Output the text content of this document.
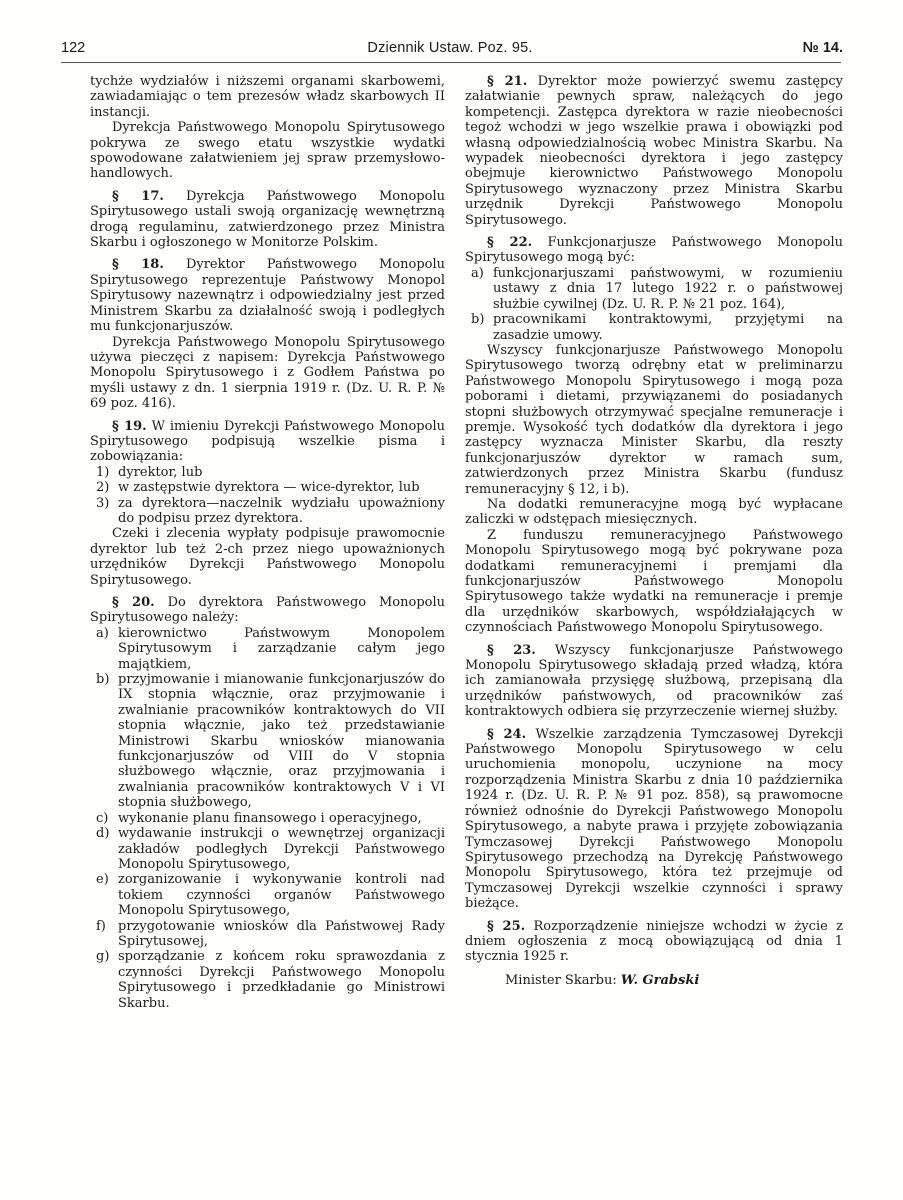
122	Dziennik Ustaw. Poz. 95.	№ 14.

tychże wydziałów i niższemi organami skarbowemi, zawiadamiając o tem prezesów władz skarbowych II instancji.

Dyrekcja Państwowego Monopolu Spirytusowego pokrywa ze swego etatu wszystkie wydatki spowodowane załatwieniem jej spraw przemysłowo-handlowych.

§ 17. Dyrekcja Państwowego Monopolu Spirytusowego ustali swoją organizację wewnętrzną drogą regulaminu, zatwierdzonego przez Ministra Skarbu i ogłoszonego w Monitorze Polskim.

§ 18. Dyrektor Państwowego Monopolu Spirytusowego reprezentuje Państwowy Monopol Spirytusowy nazewnątrz i odpowiedzialny jest przed Ministrem Skarbu za działalność swoją i podległych mu funkcjonarjuszów.

Dyrekcja Państwowego Monopolu Spirytusowego używa pieczęci z napisem: Dyrekcja Państwowego Monopolu Spirytusowego i z Godłem Państwa po myśli ustawy z dn. 1 sierpnia 1919 r. (Dz. U. R. P. № 69 poz. 416).

§ 19. W imieniu Dyrekcji Państwowego Monopolu Spirytusowego podpisują wszelkie pisma i zobowiązania:

1) dyrektor, lub
2) w zastępstwie dyrektora — wice-dyrektor, lub
3) za dyrektora—naczelnik wydziału upoważniony do podpisu przez dyrektora.

Czeki i zlecenia wypłaty podpisuje prawomocnie dyrektor lub też 2-ch przez niego upoważnionych urzędników Dyrekcji Państwowego Monopolu Spirytusowego.

§ 20. Do dyrektora Państwowego Monopolu Spirytusowego należy:

a) kierownictwo Państwowym Monopolem Spirytusowym i zarządzanie całym jego majątkiem,
b) przyjmowanie i mianowanie funkcjonarjuszów do IX stopnia włącznie, oraz przyjmowanie i zwalnianie pracowników kontraktowych do VII stopnia włącznie, jako też przedstawianie Ministrowi Skarbu wniosków mianowania funkcjonarjuszów od VIII do V stopnia służbowego włącznie, oraz przyjmowania i zwalniania pracowników kontraktowych V i VI stopnia służbowego,
c) wykonanie planu finansowego i operacyjnego,
d) wydawanie instrukcji o wewnętrzej organizacji zakładów podległych Dyrekcji Państwowego Monopolu Spirytusowego,
e) zorganizowanie i wykonywanie kontroli nad tokiem czynności organów Państwowego Monopolu Spirytusowego,
f) przygotowanie wniosków dla Państwowej Rady Spirytusowej,
g) sporządzanie z końcem roku sprawozdania z czynności Dyrekcji Państwowego Monopolu Spirytusowego i przedkładanie go Ministrowi Skarbu.

§ 21. Dyrektor może powierzyć swemu zastępcy załatwianie pewnych spraw, należących do jego kompetencji. Zastępca dyrektora w razie nieobecności tegoż wchodzi w jego wszelkie prawa i obowiązki pod własną odpowiedzialnością wobec Ministra Skarbu. Na wypadek nieobecności dyrektora i jego zastępcy obejmuje kierownictwo Państwowego Monopolu Spirytusowego wyznaczony przez Ministra Skarbu urzędnik Dyrekcji Państwowego Monopolu Spirytusowego.

§ 22. Funkcjonarjusze Państwowego Monopolu Spirytusowego mogą być:

a) funkcjonarjuszami państwowymi, w rozumieniu ustawy z dnia 17 lutego 1922 r. o państwowej służbie cywilnej (Dz. U. R. P. № 21 poz. 164),
b) pracownikami kontraktowymi, przyjętymi na zasadzie umowy.

Wszyscy funkcjonarjusze Państwowego Monopolu Spirytusowego tworzą odrębny etat w preliminarzu Państwowego Monopolu Spirytusowego i mogą poza poborami i dietami, przywiązanemi do posiadanych stopni służbowych otrzymywać specjalne remuneracje i premje. Wysokość tych dodatków dla dyrektora i jego zastępcy wyznacza Minister Skarbu, dla reszty funkcjonarjuszów dyrektor w ramach sum, zatwierdzonych przez Ministra Skarbu (fundusz remuneracyjny § 12, i b).

Na dodatki remuneracyjne mogą być wypłacane zaliczki w odstępach miesięcznych.

Z funduszu remuneracyjnego Państwowego Monopolu Spirytusowego mogą być pokrywane poza dodatkami remuneracyjnemi i premjami dla funkcjonarjuszów Państwowego Monopolu Spirytusowego także wydatki na remuneracje i premje dla urzędników skarbowych, współdziałających w czynnościach Państwowego Monopolu Spirytusowego.

§ 23. Wszyscy funkcjonarjusze Państwowego Monopolu Spirytusowego składają przed władzą, która ich zamianowała przysięgę służbową, przepisaną dla urzędników państwowych, od pracowników zaś kontraktowych odbiera się przyrzeczenie wiernej służby.

§ 24. Wszelkie zarządzenia Tymczasowej Dyrekcji Państwowego Monopolu Spirytusowego w celu uruchomienia monopolu, uczynione na mocy rozporządzenia Ministra Skarbu z dnia 10 października 1924 r. (Dz. U. R. P. № 91 poz. 858), są prawomocne również odnośnie do Dyrekcji Państwowego Monopolu Spirytusowego, a nabyte prawa i przyjęte zobowiązania Tymczasowej Dyrekcji Państwowego Monopolu Spirytusowego przechodzą na Dyrekcję Państwowego Monopolu Spirytusowego, która też przejmuje od Tymczasowej Dyrekcji wszelkie czynności i sprawy bieżące.

§ 25. Rozporządzenie niniejsze wchodzi w życie z dniem ogłoszenia z mocą obowiązującą od dnia 1 stycznia 1925 r.

Minister Skarbu: W. Grabski
